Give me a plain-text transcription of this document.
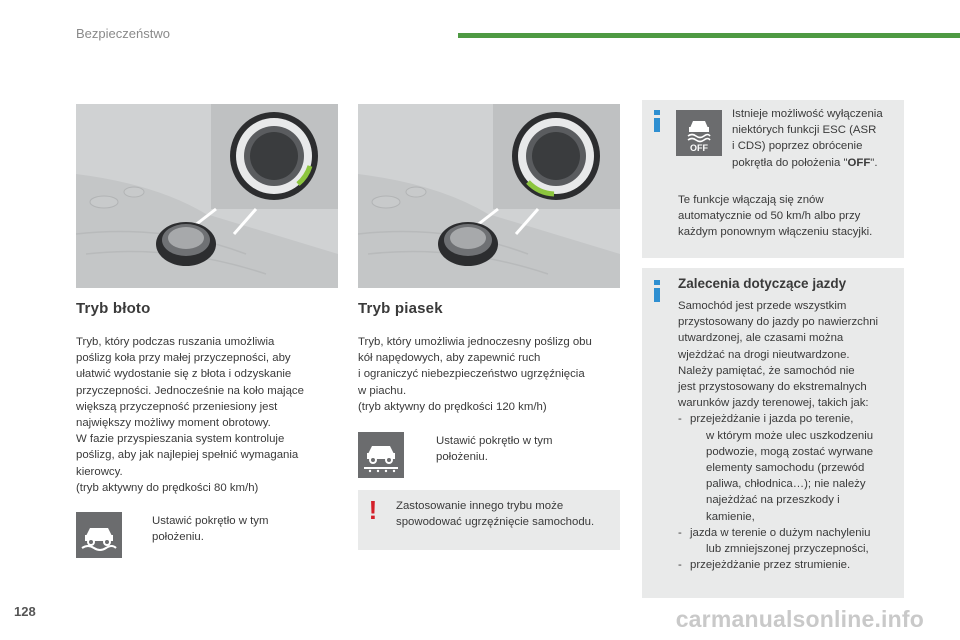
Bezpieczeństwo
Tryb błoto
Tryb, który podczas ruszania umożliwia
poślizg koła przy małej przyczepności, aby
ułatwić wydostanie się z błota i odzyskanie
przyczepności. Jednocześnie na koło mające
większą przyczepność przeniesiony jest
największy możliwy moment obrotowy.
W fazie przyspieszania system kontroluje
poślizg, aby jak najlepiej spełnić wymagania
kierowcy.
(tryb aktywny do prędkości 80 km/h)
Ustawić pokrętło w tym
położeniu.
Tryb piasek
Tryb, który umożliwia jednoczesny poślizg obu
kół napędowych, aby zapewnić ruch
i ograniczyć niebezpieczeństwo ugrzęźnięcia
w piachu.
(tryb aktywny do prędkości 120 km/h)
Ustawić pokrętło w tym
położeniu.
! Zastosowanie innego trybu może
spowodować ugrzęźnięcie samochodu.
OFF
Istnieje możliwość wyłączenia
niektórych funkcji ESC (ASR
i CDS) poprzez obrócenie
pokrętła do położenia "OFF".
Te funkcje włączają się znów
automatycznie od 50 km/h albo przy
każdym ponownym włączeniu stacyjki.
Zalecenia dotyczące jazdy
Samochód jest przede wszystkim
przystosowany do jazdy po nawierzchni
utwardzonej, ale czasami można
wjeżdżać na drogi nieutwardzone.
Należy pamiętać, że samochód nie
jest przystosowany do ekstremalnych
warunków jazdy terenowej, takich jak:
- przejeżdżanie i jazda po terenie,
w którym może ulec uszkodzeniu
podwozie, mogą zostać wyrwane
elementy samochodu (przewód
paliwa, chłodnica…); nie należy
najeżdżać na przeszkody i
kamienie,
- jazda w terenie o dużym nachyleniu
lub zmniejszonej przyczepności,
- przejeżdżanie przez strumienie.
128	carmanualsonline.info
